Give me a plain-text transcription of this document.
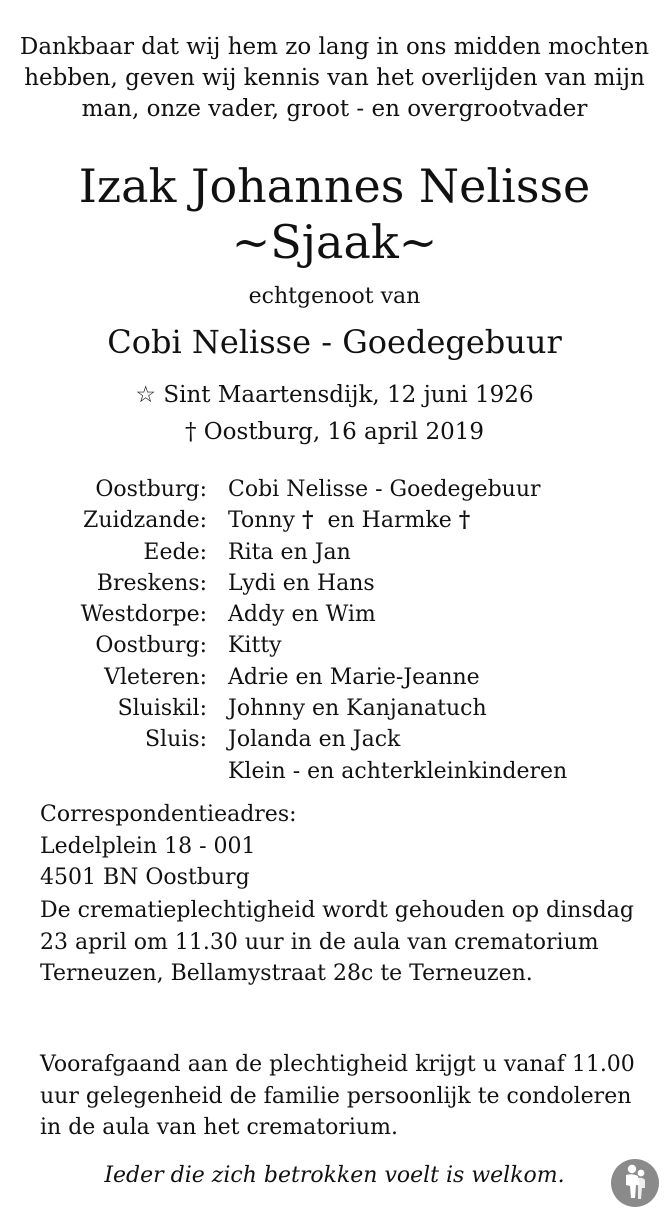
Dankbaar dat wij hem zo lang in ons midden mochten hebben, geven wij kennis van het overlijden van mijn man, onze vader, groot - en overgrootvader

Izak Johannes Nelisse
~Sjaak~
echtgenoot van
Cobi Nelisse - Goedegebuur
☆ Sint Maartensdijk, 12 juni 1926
† Oostburg, 16 april 2019
Oostburg: Cobi Nelisse - Goedegebuur
Zuidzande: Tonny † en Harmke †
Eede: Rita en Jan
Breskens: Lydi en Hans
Westdorpe: Addy en Wim
Oostburg: Kitty
Vleteren: Adrie en Marie-Jeanne
Sluiskil: Johnny en Kanjanatuch
Sluis: Jolanda en Jack
Klein - en achterkleinkinderen
Correspondentieadres:
Ledelplein 18 - 001
4501 BN Oostburg

De crematieplechtigheid wordt gehouden op dinsdag 23 april om 11.30 uur in de aula van crematorium Terneuzen, Bellamystraat 28c te Terneuzen.

Voorafgaand aan de plechtigheid krijgt u vanaf 11.00 uur gelegenheid de familie persoonlijk te condoleren in de aula van het crematorium.

Ieder die zich betrokken voelt is welkom.
